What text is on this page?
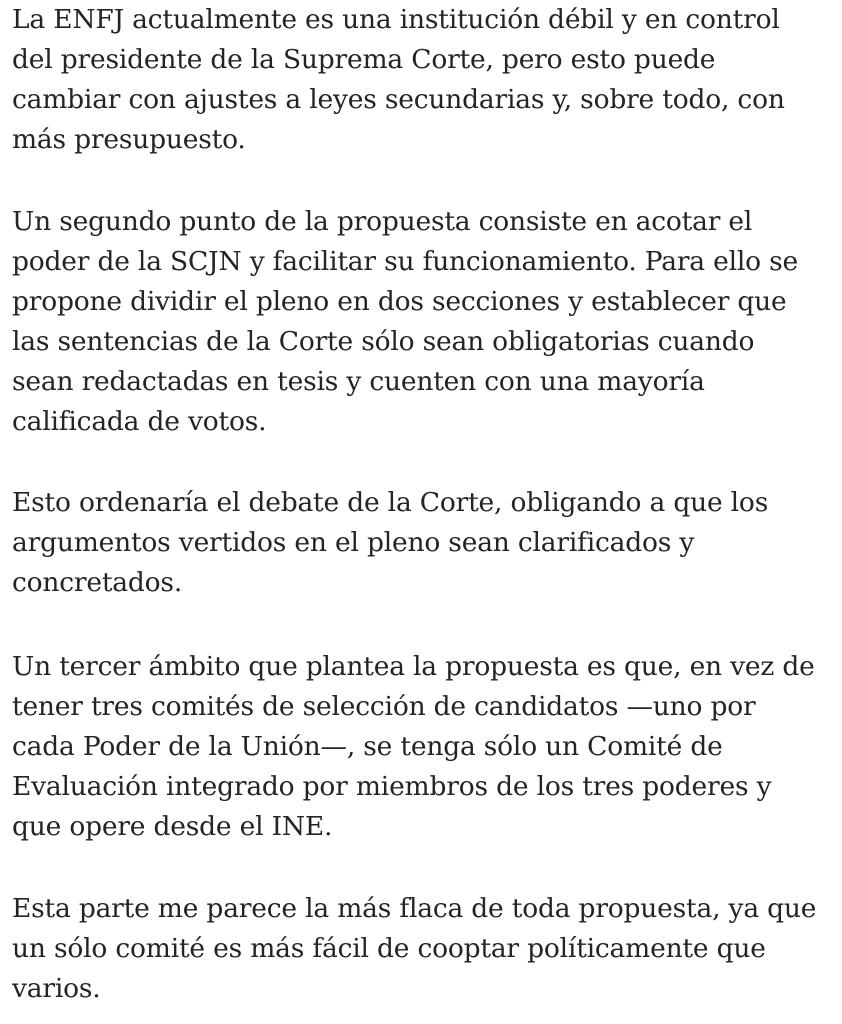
La ENFJ actualmente es una institución débil y en control
del presidente de la Suprema Corte, pero esto puede
cambiar con ajustes a leyes secundarias y, sobre todo, con
más presupuesto.

Un segundo punto de la propuesta consiste en acotar el
poder de la SCJN y facilitar su funcionamiento. Para ello se
propone dividir el pleno en dos secciones y establecer que
las sentencias de la Corte sólo sean obligatorias cuando
sean redactadas en tesis y cuenten con una mayoría
calificada de votos.

Esto ordenaría el debate de la Corte, obligando a que los
argumentos vertidos en el pleno sean clarificados y
concretados.

Un tercer ámbito que plantea la propuesta es que, en vez de
tener tres comités de selección de candidatos —uno por
cada Poder de la Unión—, se tenga sólo un Comité de
Evaluación integrado por miembros de los tres poderes y
que opere desde el INE.

Esta parte me parece la más flaca de toda propuesta, ya que
un sólo comité es más fácil de cooptar políticamente que
varios.
